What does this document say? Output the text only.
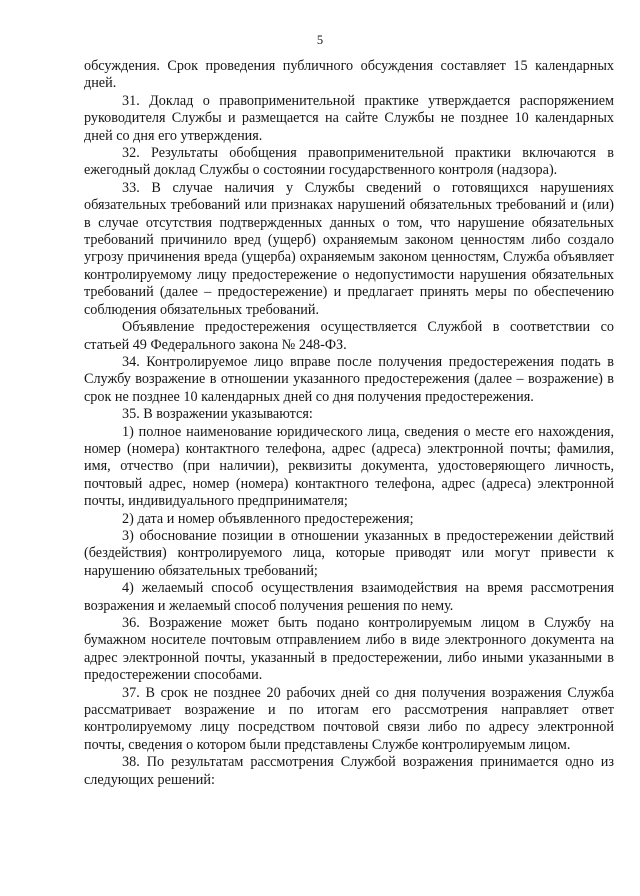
5

обсуждения. Срок проведения публичного обсуждения составляет 15 календарных дней.

31. Доклад о правоприменительной практике утверждается распоряжением руководителя Службы и размещается на сайте Службы не позднее 10 календарных дней со дня его утверждения.

32. Результаты обобщения правоприменительной практики включаются в ежегодный доклад Службы о состоянии государственного контроля (надзора).

33. В случае наличия у Службы сведений о готовящихся нарушениях обязательных требований или признаках нарушений обязательных требований и (или) в случае отсутствия подтвержденных данных о том, что нарушение обязательных требований причинило вред (ущерб) охраняемым законом ценностям либо создало угрозу причинения вреда (ущерба) охраняемым законом ценностям, Служба объявляет контролируемому лицу предостережение о недопустимости нарушения обязательных требований (далее – предостережение) и предлагает принять меры по обеспечению соблюдения обязательных требований.

Объявление предостережения осуществляется Службой в соответствии со статьей 49 Федерального закона № 248-ФЗ.

34. Контролируемое лицо вправе после получения предостережения подать в Службу возражение в отношении указанного предостережения (далее – возражение) в срок не позднее 10 календарных дней со дня получения предостережения.

35. В возражении указываются:

1) полное наименование юридического лица, сведения о месте его нахождения, номер (номера) контактного телефона, адрес (адреса) электронной почты; фамилия, имя, отчество (при наличии), реквизиты документа, удостоверяющего личность, почтовый адрес, номер (номера) контактного телефона, адрес (адреса) электронной почты, индивидуального предпринимателя;

2) дата и номер объявленного предостережения;

3) обоснование позиции в отношении указанных в предостережении действий (бездействия) контролируемого лица, которые приводят или могут привести к нарушению обязательных требований;

4) желаемый способ осуществления взаимодействия на время рассмотрения возражения и желаемый способ получения решения по нему.

36. Возражение может быть подано контролируемым лицом в Службу на бумажном носителе почтовым отправлением либо в виде электронного документа на адрес электронной почты, указанный в предостережении, либо иными указанными в предостережении способами.

37. В срок не позднее 20 рабочих дней со дня получения возражения Служба рассматривает возражение и по итогам его рассмотрения направляет ответ контролируемому лицу посредством почтовой связи либо по адресу электронной почты, сведения о котором были представлены Службе контролируемым лицом.

38. По результатам рассмотрения Службой возражения принимается одно из следующих решений:
